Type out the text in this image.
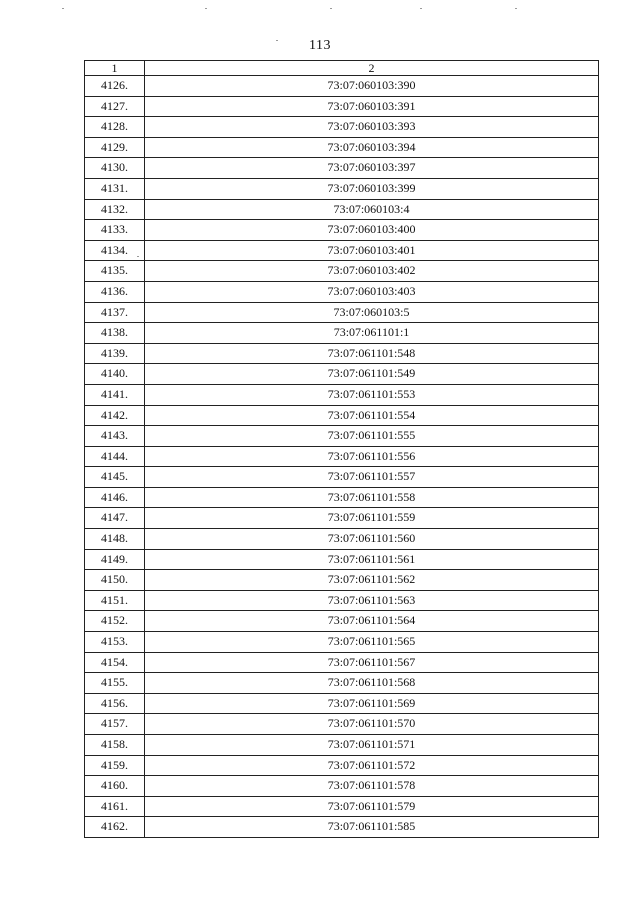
113
1	2
4126.	73:07:060103:390
4127.	73:07:060103:391
4128.	73:07:060103:393
4129.	73:07:060103:394
4130.	73:07:060103:397
4131.	73:07:060103:399
4132.	73:07:060103:4
4133.	73:07:060103:400
4134.	73:07:060103:401
4135.	73:07:060103:402
4136.	73:07:060103:403
4137.	73:07:060103:5
4138.	73:07:061101:1
4139.	73:07:061101:548
4140.	73:07:061101:549
4141.	73:07:061101:553
4142.	73:07:061101:554
4143.	73:07:061101:555
4144.	73:07:061101:556
4145.	73:07:061101:557
4146.	73:07:061101:558
4147.	73:07:061101:559
4148.	73:07:061101:560
4149.	73:07:061101:561
4150.	73:07:061101:562
4151.	73:07:061101:563
4152.	73:07:061101:564
4153.	73:07:061101:565
4154.	73:07:061101:567
4155.	73:07:061101:568
4156.	73:07:061101:569
4157.	73:07:061101:570
4158.	73:07:061101:571
4159.	73:07:061101:572
4160.	73:07:061101:578
4161.	73:07:061101:579
4162.	73:07:061101:585
